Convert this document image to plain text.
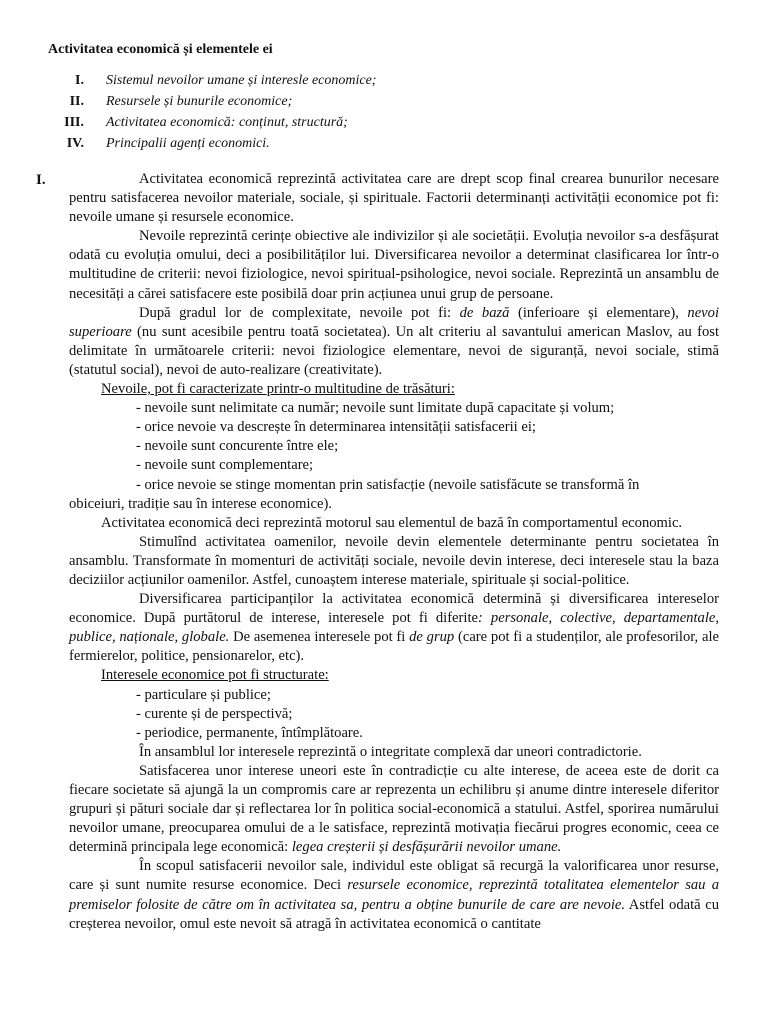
Activitatea economică și elementele ei
I. Sistemul nevoilor umane și interesle economice;
II. Resursele și bunurile economice;
III. Activitatea economică: conținut, structură;
IV. Principalii agenți economici.
I.	Activitatea economică reprezintă activitatea care are drept scop final crearea bunurilor necesare pentru satisfacerea nevoilor materiale, sociale, și spirituale. Factorii determinanți activității economice pot fi: nevoile umane și resursele economice.

Nevoile reprezintă cerințe obiective ale indivizilor și ale societății. Evoluția nevoilor s-a desfășurat odată cu evoluția omului, deci a posibilităților lui. Diversificarea nevoilor a determinat clasificarea lor într-o multitudine de criterii: nevoi fiziologice, nevoi spiritual-psihologice, nevoi sociale. Reprezintă un ansamblu de necesități a cărei satisfacere este posibilă doar prin acțiunea unui grup de persoane.

După gradul lor de complexitate, nevoile pot fi: de bază (inferioare și elementare), nevoi superioare (nu sunt acesibile pentru toată societatea). Un alt criteriu al savantului american Maslov, au fost delimitate în următoarele criterii: nevoi fiziologice elementare, nevoi de siguranță, nevoi sociale, stimă (statutul social), nevoi de auto-realizare (creativitate).

Nevoile, pot fi caracterizate printr-o multitudine de trăsături:

- nevoile sunt nelimitate ca număr; nevoile sunt limitate după capacitate și volum;

- orice nevoie va descrește în determinarea intensității satisfacerii ei;

- nevoile sunt concurente între ele;

- nevoile sunt complementare;

- orice nevoie se stinge momentan prin satisfacție (nevoile satisfăcute se transformă în

obiceiuri, tradiție sau în interese economice).

Activitatea economică deci reprezintă motorul sau elementul de bază în comportamentul economic.

Stimulînd activitatea oamenilor, nevoile devin elementele determinante pentru societatea în ansamblu. Transformate în momenturi de activități sociale, nevoile devin interese, deci interesele stau la baza deciziilor acțiunilor oamenilor. Astfel, cunoaștem interese materiale, spirituale și social-politice.

Diversificarea participanților la activitatea economică determină și diversificarea intereselor economice. După purtătorul de interese, interesele pot fi diferite: personale, colective, departamentale, publice, naționale, globale. De asemenea interesele pot fi de grup (care pot fi a studenților, ale profesorilor, ale fermierelor, politice, pensionarelor, etc).

Interesele economice pot fi structurate:

- particulare și publice;

- curente și de perspectivă;

- periodice, permanente, întîmplătoare.

În ansamblul lor interesele reprezintă o integritate complexă dar uneori contradictorie.

Satisfacerea unor interese uneori este în contradicție cu alte interese, de aceea este de dorit ca fiecare societate să ajungă la un compromis care ar reprezenta un echilibru și anume dintre interesele diferitor grupuri și pături sociale dar și reflectarea lor în politica social-economică a statului. Astfel, sporirea numărului nevoilor umane, preocuparea omului de a le satisface, reprezintă motivația fiecărui progres economic, ceea ce determină principala lege economică: legea creșterii și desfășurării nevoilor umane.

În scopul satisfacerii nevoilor sale, individul este obligat să recurgă la valorificarea unor resurse, care și sunt numite resurse economice. Deci resursele economice, reprezintă totalitatea elementelor sau a premiselor folosite de către om în activitatea sa, pentru a obține bunurile de care are nevoie. Astfel odată cu creșterea nevoilor, omul este nevoit să atragă în activitatea economică o cantitate
